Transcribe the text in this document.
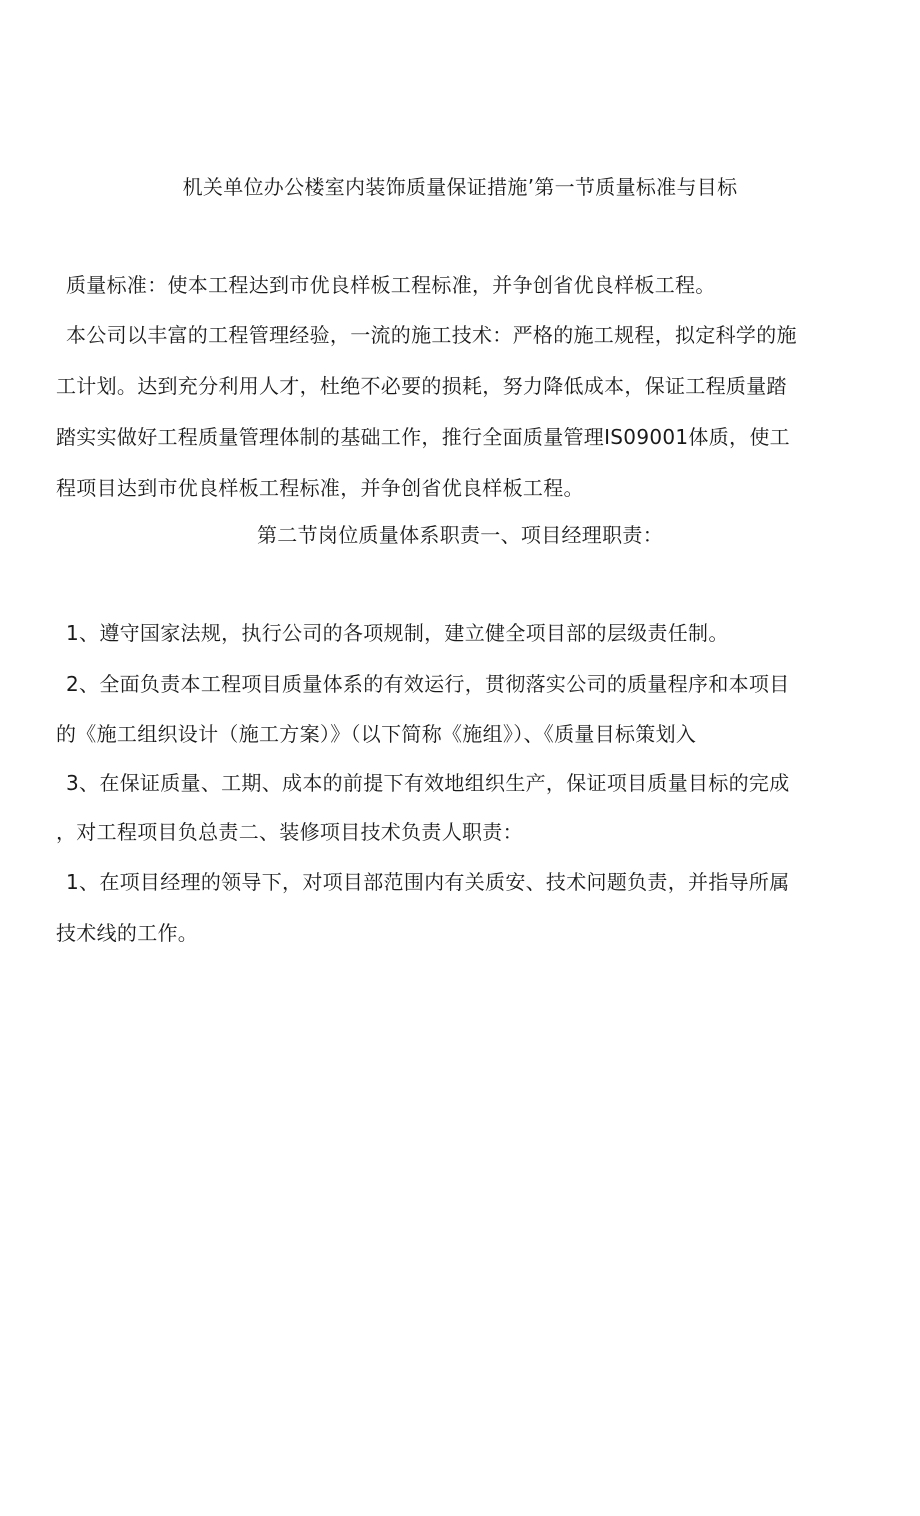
机关单位办公楼室内装饰质量保证措施’第一节质量标准与目标
质量标准：使本工程达到市优良样板工程标准，并争创省优良样板工程。
本公司以丰富的工程管理经验，一流的施工技术：严格的施工规程，拟定科学的施
工计划。达到充分利用人才，杜绝不必要的损耗，努力降低成本，保证工程质量踏
踏实实做好工程质量管理体制的基础工作，推行全面质量管理IS09001体质，使工
程项目达到市优良样板工程标准，并争创省优良样板工程。
第二节岗位质量体系职责一、项目经理职责：
1、遵守国家法规，执行公司的各项规制，建立健全项目部的层级责任制。
2、全面负责本工程项目质量体系的有效运行，贯彻落实公司的质量程序和本项目
的《施工组织设计（施工方案）》（以下简称《施组》）、《质量目标策划入
3、在保证质量、工期、成本的前提下有效地组织生产，保证项目质量目标的完成
，对工程项目负总责二、装修项目技术负责人职责：
1、在项目经理的领导下，对项目部范围内有关质安、技术问题负责，并指导所属
技术线的工作。
